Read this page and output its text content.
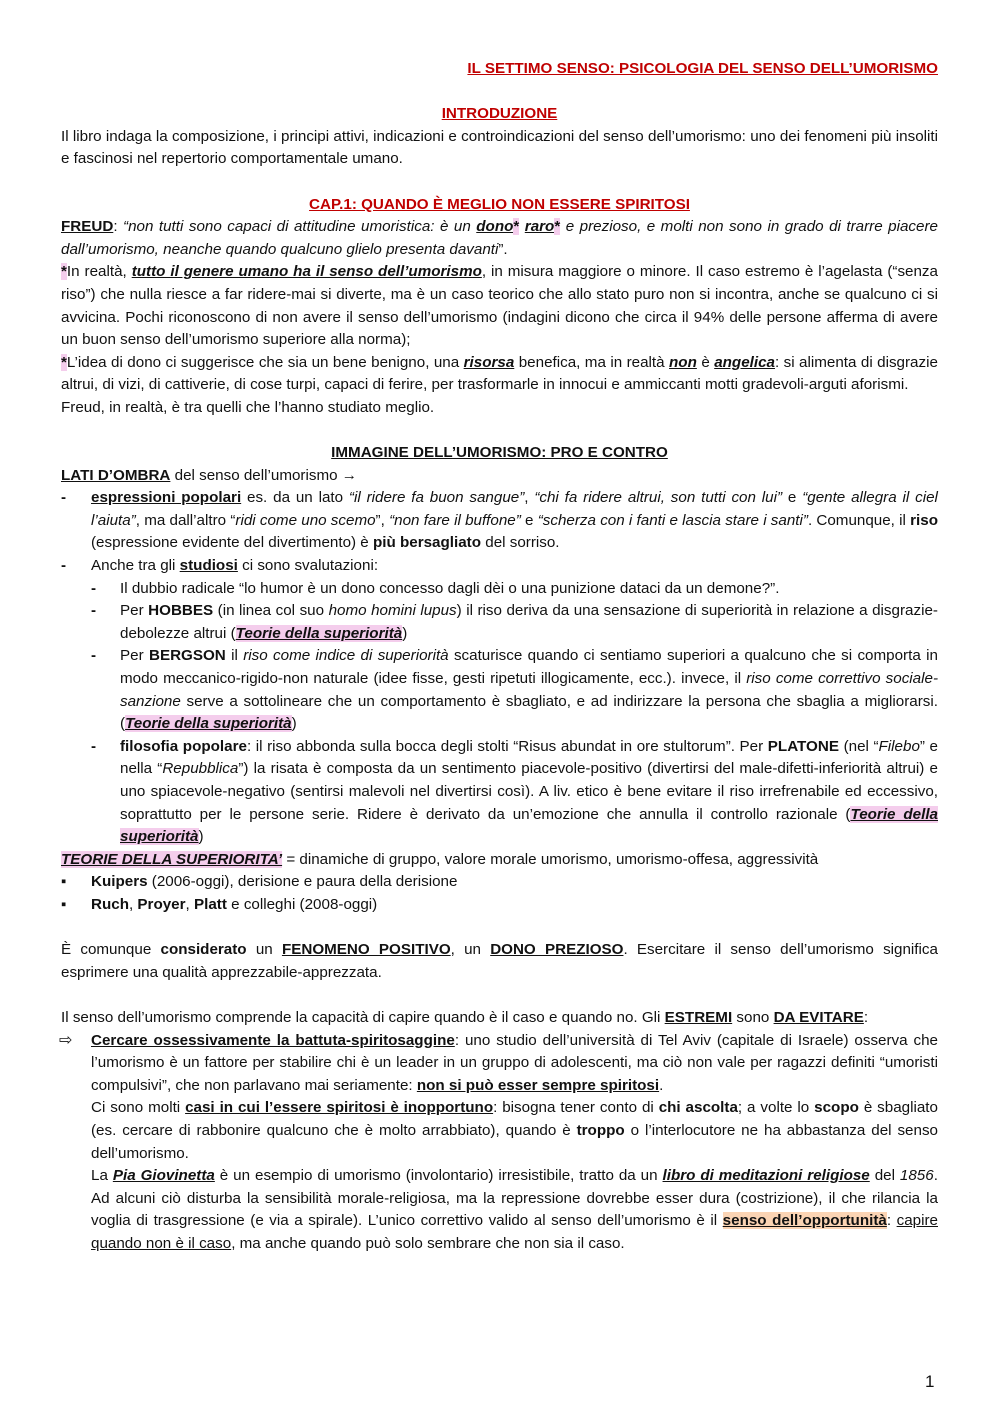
IL SETTIMO SENSO: PSICOLOGIA DEL SENSO DELL’UMORISMO

INTRODUZIONE

Il libro indaga la composizione, i principi attivi, indicazioni e controindicazioni del senso dell’umorismo: uno dei fenomeni più insoliti e fascinosi nel repertorio comportamentale umano.

CAP.1: QUANDO È MEGLIO NON ESSERE SPIRITOSI

FREUD: “non tutti sono capaci di attitudine umoristica: è un dono* raro* e prezioso, e molti non sono in grado di trarre piacere dall’umorismo, neanche quando qualcuno glielo presenta davanti”.

*In realtà, tutto il genere umano ha il senso dell’umorismo, in misura maggiore o minore. Il caso estremo è l’agelasta (“senza riso”) che nulla riesce a far ridere-mai si diverte, ma è un caso teorico che allo stato puro non si incontra, anche se qualcuno ci si avvicina. Pochi riconoscono di non avere il senso dell’umorismo (indagini dicono che circa il 94% delle persone afferma di avere un buon senso dell’umorismo superiore alla norma);

*L’idea di dono ci suggerisce che sia un bene benigno, una risorsa benefica, ma in realtà non è angelica: si alimenta di disgrazie altrui, di vizi, di cattiverie, di cose turpi, capaci di ferire, per trasformarle in innocui e ammiccanti motti gradevoli-arguti aforismi.

Freud, in realtà, è tra quelli che l’hanno studiato meglio.

IMMAGINE DELL’UMORISMO: PRO E CONTRO

LATI D’OMBRA del senso dell’umorismo →

- espressioni popolari es. da un lato “il ridere fa buon sangue”, “chi fa ridere altrui, son tutti con lui” e “gente allegra il ciel l’aiuta”, ma dall’altro “ridi come uno scemo”, “non fare il buffone” e “scherza con i fanti e lascia stare i santi”. Comunque, il riso (espressione evidente del divertimento) è più bersagliato del sorriso.
- Anche tra gli studiosi ci sono svalutazioni:
- Il dubbio radicale “lo humor è un dono concesso dagli dèi o una punizione dataci da un demone?”.
- Per HOBBES (in linea col suo homo homini lupus) il riso deriva da una sensazione di superiorità in relazione a disgrazie-debolezze altrui (Teorie della superiorità)
- Per BERGSON il riso come indice di superiorità scaturisce quando ci sentiamo superiori a qualcuno che si comporta in modo meccanico-rigido-non naturale (idee fisse, gesti ripetuti illogicamente, ecc.). invece, il riso come correttivo sociale-sanzione serve a sottolineare che un comportamento è sbagliato, e ad indirizzare la persona che sbaglia a migliorarsi. (Teorie della superiorità)
- filosofia popolare: il riso abbonda sulla bocca degli stolti “Risus abundat in ore stultorum”. Per PLATONE (nel “Filebo” e nella “Repubblica”) la risata è composta da un sentimento piacevole-positivo (divertirsi del male-difetti-inferiorità altrui) e uno spiacevole-negativo (sentirsi malevoli nel divertirsi così). A liv. etico è bene evitare il riso irrefrenabile ed eccessivo, soprattutto per le persone serie. Ridere è derivato da un’emozione che annulla il controllo razionale (Teorie della superiorità)

TEORIE DELLA SUPERIORITA’ = dinamiche di gruppo, valore morale umorismo, umorismo-offesa, aggressività

▪ Kuipers (2006-oggi), derisione e paura della derisione
▪ Ruch, Proyer, Platt e colleghi (2008-oggi)

È comunque considerato un FENOMENO POSITIVO, un DONO PREZIOSO. Esercitare il senso dell’umorismo significa esprimere una qualità apprezzabile-apprezzata.

Il senso dell’umorismo comprende la capacità di capire quando è il caso e quando no. Gli ESTREMI sono DA EVITARE:

⇨ Cercare ossessivamente la battuta-spiritosaggine: uno studio dell’università di Tel Aviv (capitale di Israele) osserva che l’umorismo è un fattore per stabilire chi è un leader in un gruppo di adolescenti, ma ciò non vale per ragazzi definiti “umoristi compulsivi”, che non parlavano mai seriamente: non si può esser sempre spiritosi.
Ci sono molti casi in cui l’essere spiritosi è inopportuno: bisogna tener conto di chi ascolta; a volte lo scopo è sbagliato (es. cercare di rabbonire qualcuno che è molto arrabbiato), quando è troppo o l’interlocutore ne ha abbastanza del senso dell’umorismo.
La Pia Giovinetta è un esempio di umorismo (involontario) irresistibile, tratto da un libro di meditazioni religiose del 1856. Ad alcuni ciò disturba la sensibilità morale-religiosa, ma la repressione dovrebbe esser dura (costrizione), il che rilancia la voglia di trasgressione (e via a spirale). L’unico correttivo valido al senso dell’umorismo è il senso dell’opportunità: capire quando non è il caso, ma anche quando può solo sembrare che non sia il caso.
1
